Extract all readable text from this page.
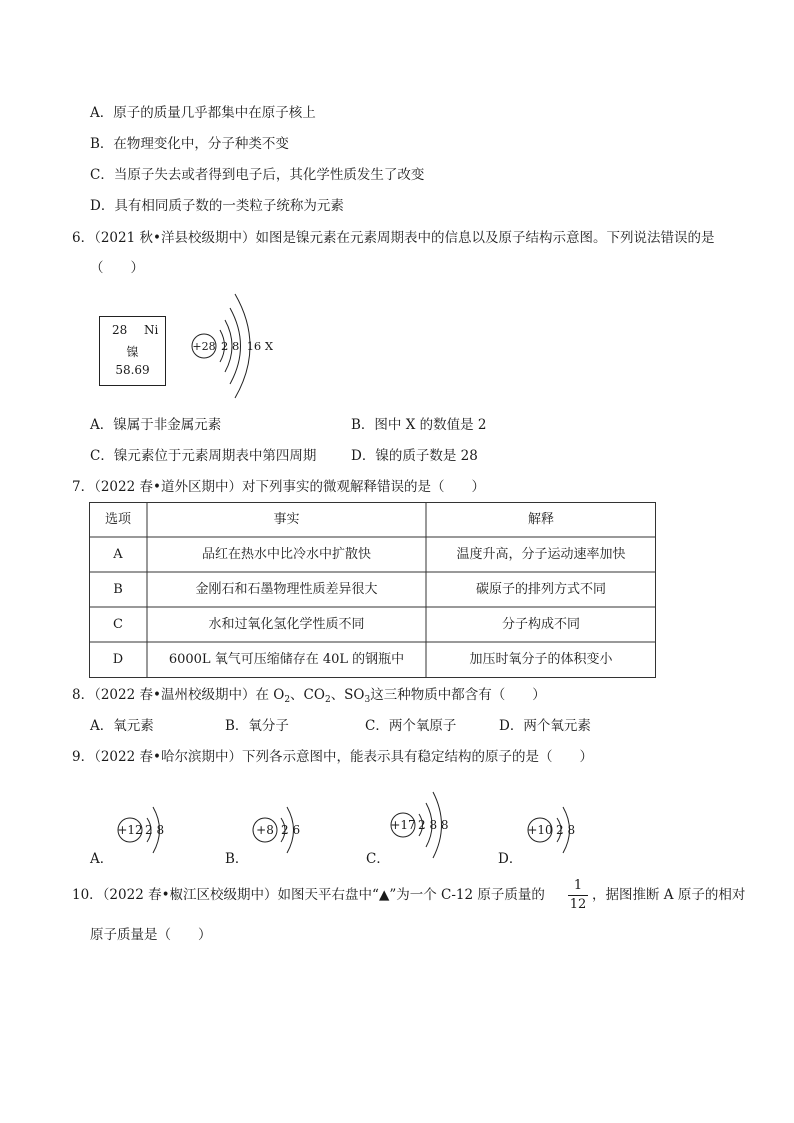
A．原子的质量几乎都集中在原子核上
B．在物理变化中，分子种类不变
C．当原子失去或者得到电子后，其化学性质发生了改变
D．具有相同质子数的一类粒子统称为元素
6．（2021 秋•洋县校级期中）如图是镍元素在元素周期表中的信息以及原子结构示意图。下列说法错误的是
（　　）
28 Ni
镍
58.69
+28 2 8  16 X
A．镍属于非金属元素	B．图中 X 的数值是 2
C．镍元素位于元素周期表中第四周期	D．镍的质子数是 28
7．（2022 春•道外区期中）对下列事实的微观解释错误的是（　　）
选项	事实	解释
A	品红在热水中比冷水中扩散快	温度升高，分子运动速率加快
B	金刚石和石墨物理性质差异很大	碳原子的排列方式不同
C	水和过氧化氢化学性质不同	分子构成不同
D	6000L 氧气可压缩储存在 40L 的钢瓶中	加压时氧分子的体积变小
8．（2022 春•温州校级期中）在 $O_2$、$CO_2$、$SO_3$这三种物质中都含有（　　）
A．氧元素	B．氧分子	C．两个氧原子	D．两个氧元素
9．（2022 春•哈尔滨期中）下列各示意图中，能表示具有稳定结构的原子的是（　　）
+12 2 8
A．
+8 2 6
B．
+17 2 8 8
C．
+10 2 8
D．
10．（2022 春•椒江区校级期中）如图天平右盘中“▲”为一个 C-12 原子质量的
1
12
，据图推断 A 原子的相对
原子质量是（　　）
